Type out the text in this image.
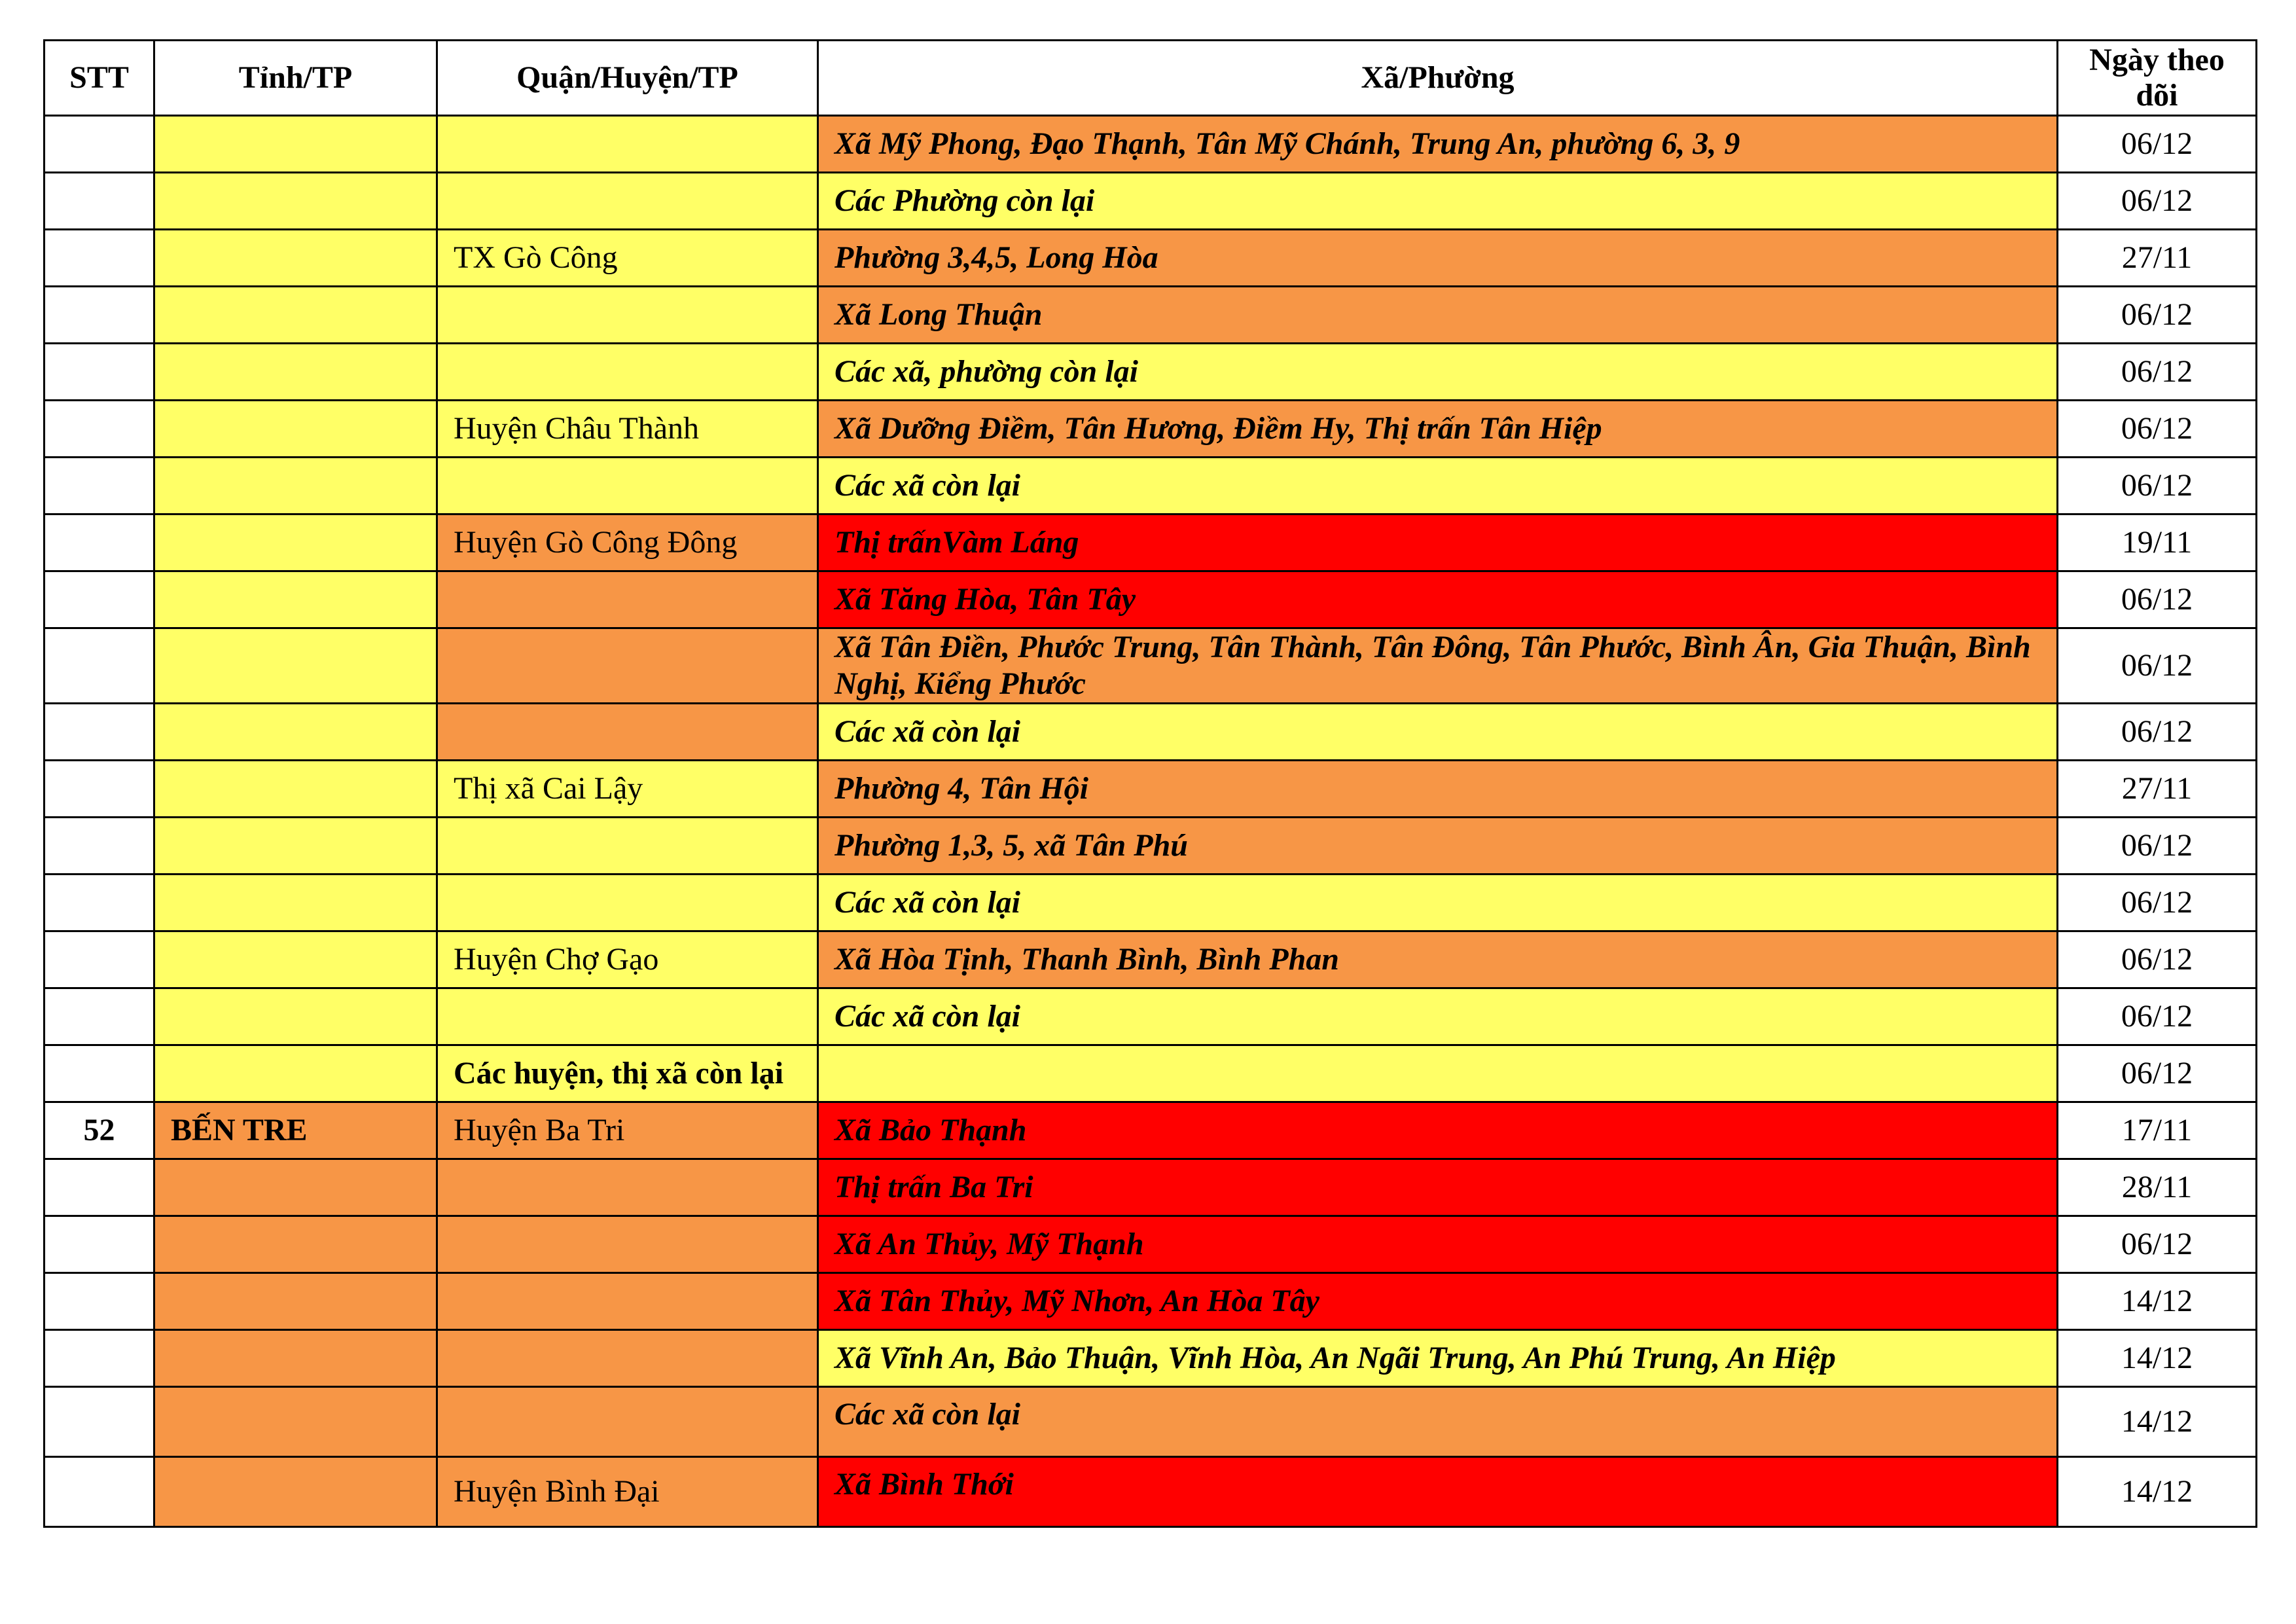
STT	Tỉnh/TP	Quận/Huyện/TP	Xã/Phường	Ngày theo dõi
			Xã Mỹ Phong, Đạo Thạnh, Tân Mỹ Chánh, Trung An, phường 6, 3, 9	06/12
			Các Phường còn lại	06/12
		TX Gò Công	Phường 3,4,5, Long Hòa	27/11
			Xã Long Thuận	06/12
			Các xã, phường còn lại	06/12
		Huyện Châu Thành	Xã Dưỡng Điềm, Tân Hương, Điềm Hy, Thị trấn Tân Hiệp	06/12
			Các xã còn lại	06/12
		Huyện Gò Công Đông	Thị trấnVàm Láng	19/11
			Xã Tăng Hòa, Tân Tây	06/12
			Xã Tân Điền, Phước Trung, Tân Thành, Tân Đông, Tân Phước, Bình Ân, Gia Thuận, Bình Nghị, Kiểng Phước	06/12
			Các xã còn lại	06/12
		Thị xã Cai Lậy	Phường 4, Tân Hội	27/11
			Phường 1,3, 5, xã Tân Phú	06/12
			Các xã còn lại	06/12
		Huyện Chợ Gạo	Xã Hòa Tịnh, Thanh Bình, Bình Phan	06/12
			Các xã còn lại	06/12
		Các huyện, thị xã còn lại		06/12
52	BẾN TRE	Huyện Ba Tri	Xã Bảo Thạnh	17/11
			Thị trấn Ba Tri	28/11
			Xã An Thủy, Mỹ Thạnh	06/12
			Xã Tân Thủy, Mỹ Nhơn, An Hòa Tây	14/12
			Xã Vĩnh An, Bảo Thuận, Vĩnh Hòa, An Ngãi Trung, An Phú Trung, An Hiệp	14/12
			Các xã còn lại	14/12
		Huyện Bình Đại	Xã Bình Thới	14/12
